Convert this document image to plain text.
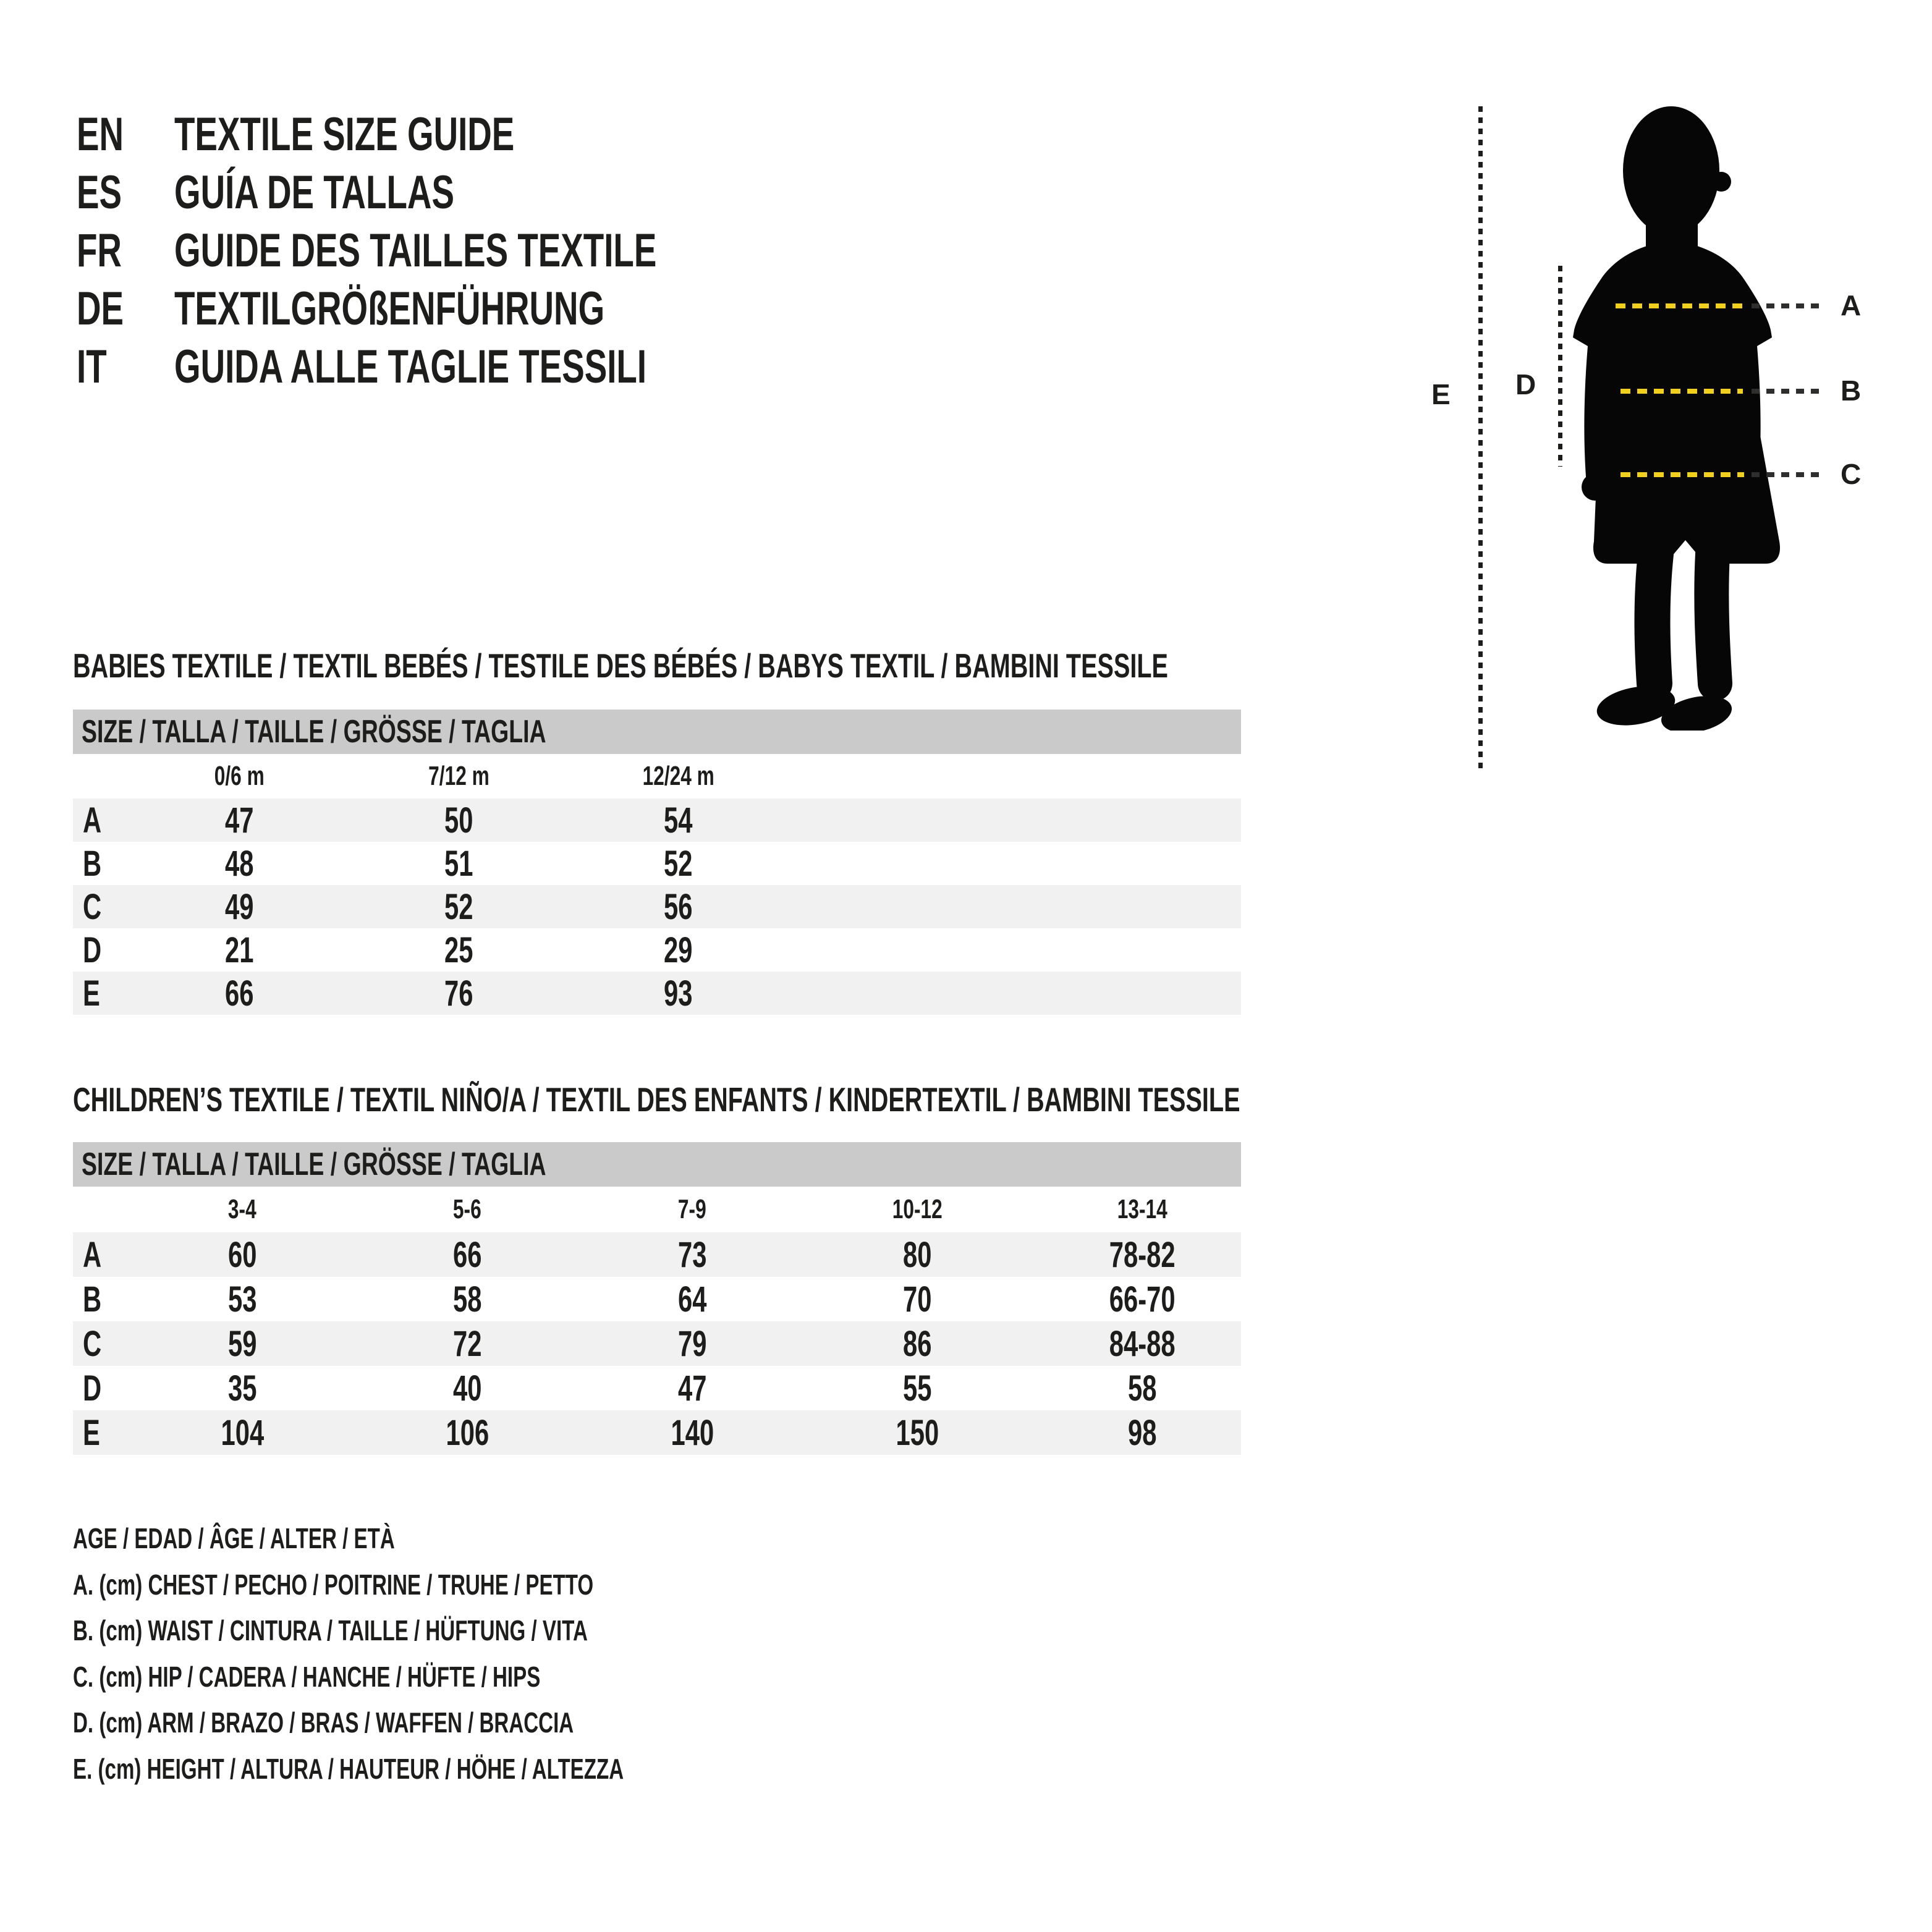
EN	TEXTILE SIZE GUIDE
ES	GUÍA DE TALLAS
FR	GUIDE DES TAILLES TEXTILE
DE	TEXTILGRÖßENFÜHRUNG
IT	GUIDA ALLE TAGLIE TESSILI
E D
A
B
C
BABIES TEXTILE / TEXTIL BEBÉS / TESTILE DES BÉBÉS / BABYS TEXTIL / BAMBINI TESSILE
SIZE / TALLA / TAILLE / GRÖSSE / TAGLIA
0/6 m	7/12 m	12/24 m
A	47	50	54
B	48	51	52
C	49	52	56
D	21	25	29
E	66	76	93
CHILDREN’S TEXTILE / TEXTIL NIÑO/A / TEXTIL DES ENFANTS / KINDERTEXTIL / BAMBINI TESSILE
SIZE / TALLA / TAILLE / GRÖSSE / TAGLIA
3-4	5-6	7-9	10-12	13-14
A	60	66	73	80	78-82
B	53	58	64	70	66-70
C	59	72	79	86	84-88
D	35	40	47	55	58
E	104	106	140	150	98
AGE / EDAD / ÂGE / ALTER / ETÀ
A. (cm) CHEST / PECHO / POITRINE / TRUHE / PETTO
B. (cm) WAIST / CINTURA / TAILLE / HÜFTUNG / VITA
C. (cm) HIP / CADERA / HANCHE / HÜFTE / HIPS
D. (cm) ARM / BRAZO / BRAS / WAFFEN / BRACCIA
E. (cm) HEIGHT / ALTURA / HAUTEUR / HÖHE / ALTEZZA
